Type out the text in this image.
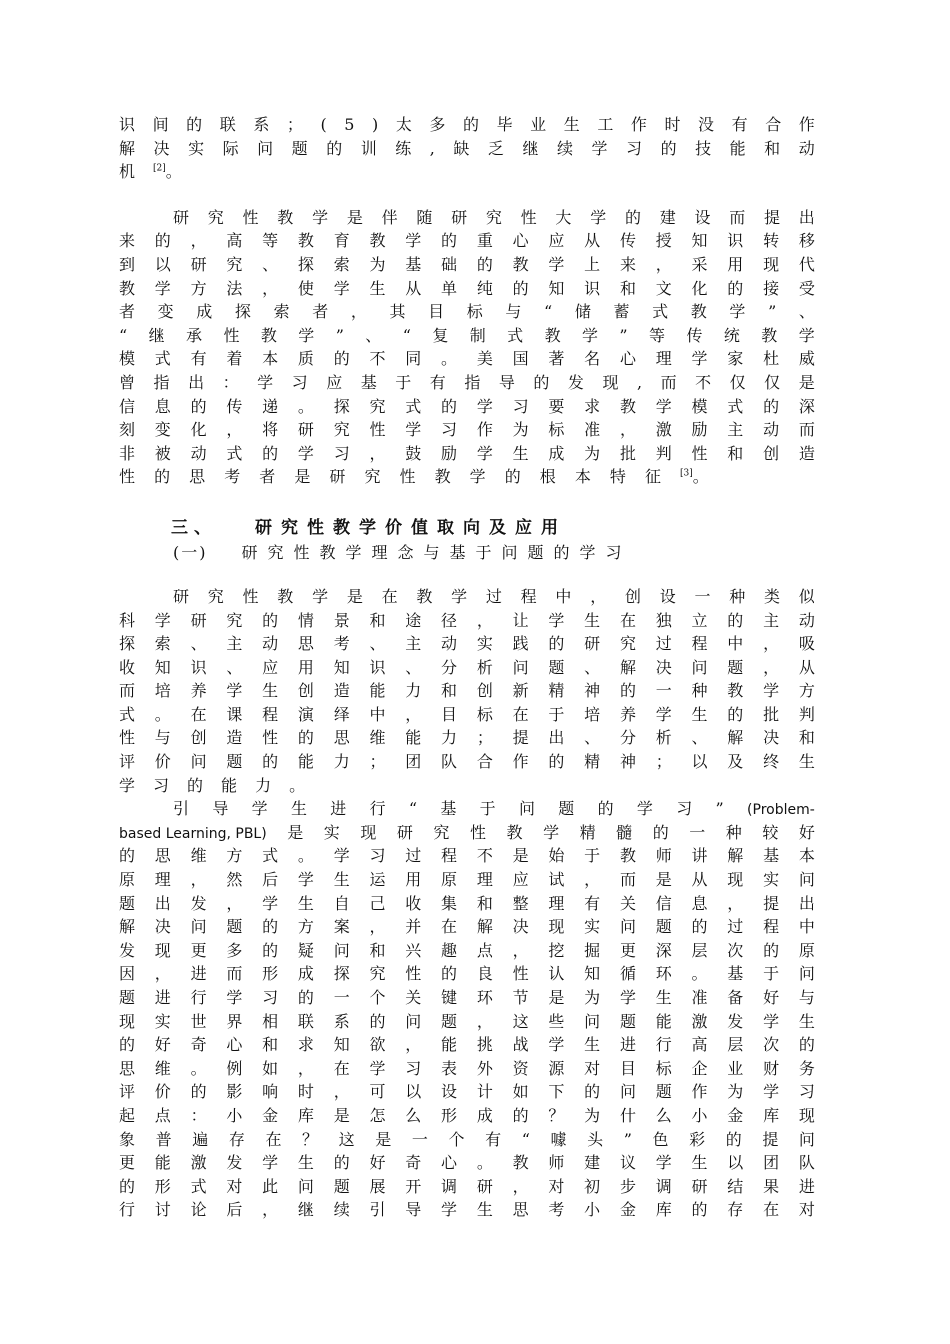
识 间 的 联 系 ； ( 5 ) 太 多 的 毕 业 生 工 作 时 没 有 合 作
解 决 实 际 问 题 的 训 练 , 缺 乏 继 续 学 习 的 技 能 和 动
机 [2]。
研 究 性 教 学 是 伴 随 研 究 性 大 学 的 建 设 而 提 出
来 的 ， 高 等 教 育 教 学 的 重 心 应 从 传 授 知 识 转 移
到 以 研 究 、 探 索 为 基 础 的 教 学 上 来 ， 采 用 现 代
教 学 方 法 ， 使 学 生 从 单 纯 的 知 识 和 文 化 的 接 受
者 变 成 探 索 者 ， 其 目 标 与 “ 储 蓄 式 教 学 ” 、
“ 继 承 性 教 学 ” 、 “ 复 制 式 教 学 ” 等 传 统 教 学
模 式 有 着 本 质 的 不 同 。 美 国 著 名 心 理 学 家 杜 威
曾 指 出 ： 学 习 应 基 于 有 指 导 的 发 现 , 而 不 仅 仅 是
信 息 的 传 递 。 探 究 式 的 学 习 要 求 教 学 模 式 的 深
刻 变 化 ， 将 研 究 性 学 习 作 为 标 准 ， 激 励 主 动 而
非 被 动 式 的 学 习 ， 鼓 励 学 生 成 为 批 判 性 和 创 造
性 的 思 考 者 是 研 究 性 教 学 的 根 本 特 征 [3]。
三、 研究性教学价值取向及应用
(一) 研究性教学理念与基于问题的学习
研 究 性 教 学 是 在 教 学 过 程 中 ， 创 设 一 种 类 似
科 学 研 究 的 情 景 和 途 径 ， 让 学 生 在 独 立 的 主 动
探 索 、 主 动 思 考 、 主 动 实 践 的 研 究 过 程 中 ， 吸
收 知 识 、 应 用 知 识 、 分 析 问 题 、 解 决 问 题 ， 从
而 培 养 学 生 创 造 能 力 和 创 新 精 神 的 一 种 教 学 方
式 。 在 课 程 演 绎 中 ， 目 标 在 于 培 养 学 生 的 批 判
性 与 创 造 性 的 思 维 能 力 ； 提 出 、 分 析 、 解 决 和
评 价 问 题 的 能 力 ； 团 队 合 作 的 精 神 ； 以 及 终 生
学 习 的 能 力 。
引 导 学 生 进 行 “ 基 于 问 题 的 学 习 ” (Problem-
based Learning, PBL) 是 实 现 研 究 性 教 学 精 髓 的 一 种 较 好
的 思 维 方 式 。 学 习 过 程 不 是 始 于 教 师 讲 解 基 本
原 理 ， 然 后 学 生 运 用 原 理 应 试 ， 而 是 从 现 实 问
题 出 发 ， 学 生 自 己 收 集 和 整 理 有 关 信 息 ， 提 出
解 决 问 题 的 方 案 ， 并 在 解 决 现 实 问 题 的 过 程 中
发 现 更 多 的 疑 问 和 兴 趣 点 ， 挖 掘 更 深 层 次 的 原
因 ， 进 而 形 成 探 究 性 的 良 性 认 知 循 环 。 基 于 问
题 进 行 学 习 的 一 个 关 键 环 节 是 为 学 生 准 备 好 与
现 实 世 界 相 联 系 的 问 题 ， 这 些 问 题 能 激 发 学 生
的 好 奇 心 和 求 知 欲 ， 能 挑 战 学 生 进 行 高 层 次 的
思 维 。 例 如 ， 在 学 习 表 外 资 源 对 目 标 企 业 财 务
评 价 的 影 响 时 ， 可 以 设 计 如 下 的 问 题 作 为 学 习
起 点 ： 小 金 库 是 怎 么 形 成 的 ？ 为 什 么 小 金 库 现
象 普 遍 存 在 ？ 这 是 一 个 有 “ 噱 头 ” 色 彩 的 提 问
更 能 激 发 学 生 的 好 奇 心 。 教 师 建 议 学 生 以 团 队
的 形 式 对 此 问 题 展 开 调 研 ， 对 初 步 调 研 结 果 进
行 讨 论 后 ， 继 续 引 导 学 生 思 考 小 金 库 的 存 在 对
